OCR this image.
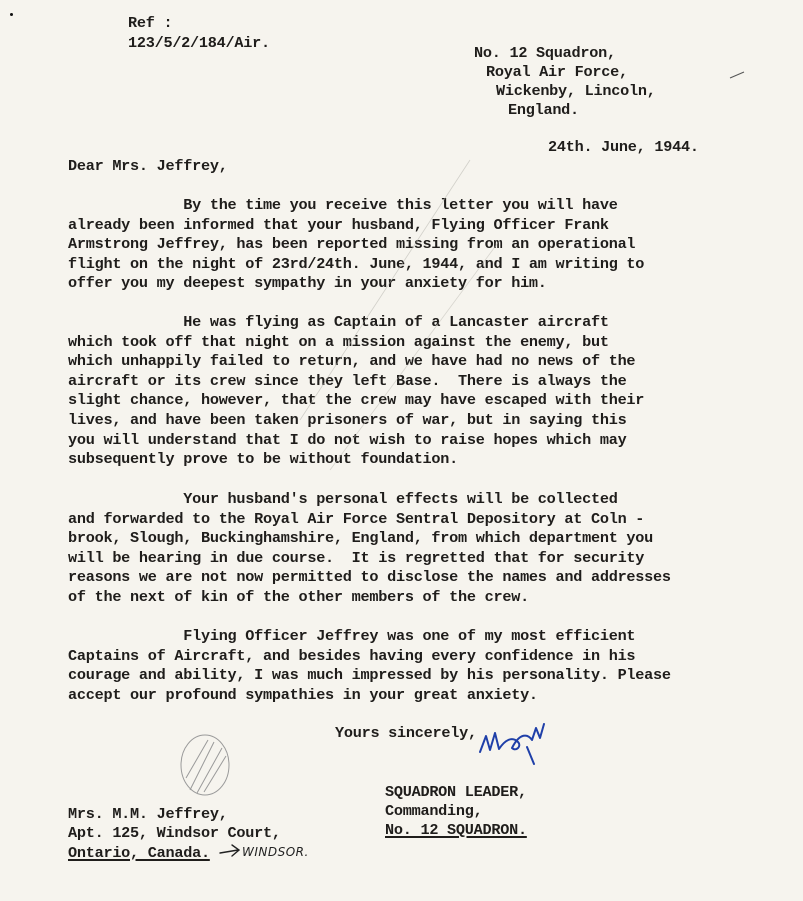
Ref :
123/5/2/184/Air.
No. 12 Squadron,
Royal Air Force,
Wickenby, Lincoln,
England.
24th. June, 1944.
Dear Mrs. Jeffrey,
By the time you receive this letter you will have
already been informed that your husband, Flying Officer Frank
Armstrong Jeffrey, has been reported missing from an operational
flight on the night of 23rd/24th. June, 1944, and I am writing to
offer you my deepest sympathy in your anxiety for him.
He was flying as Captain of a Lancaster aircraft
which took off that night on a mission against the enemy, but
which unhappily failed to return, and we have had no news of the
aircraft or its crew since they left Base.  There is always the
slight chance, however, that the crew may have escaped with their
lives, and have been taken prisoners of war, but in saying this
you will understand that I do not wish to raise hopes which may
subsequently prove to be without foundation.
Your husband's personal effects will be collected
and forwarded to the Royal Air Force Sentral Depository at Coln -
brook, Slough, Buckinghamshire, England, from which department you
will be hearing in due course.  It is regretted that for security
reasons we are not now permitted to disclose the names and addresses
of the next of kin of the other members of the crew.
Flying Officer Jeffrey was one of my most efficient
Captains of Aircraft, and besides having every confidence in his
courage and ability, I was much impressed by his personality. Please
accept our profound sympathies in your great anxiety.
Yours sincerely,
SQUADRON LEADER,
Commanding,
No. 12 SQUADRON.
Mrs. M.M. Jeffrey,
Apt. 125, Windsor Court,
Ontario, Canada.	WINDSOR.
